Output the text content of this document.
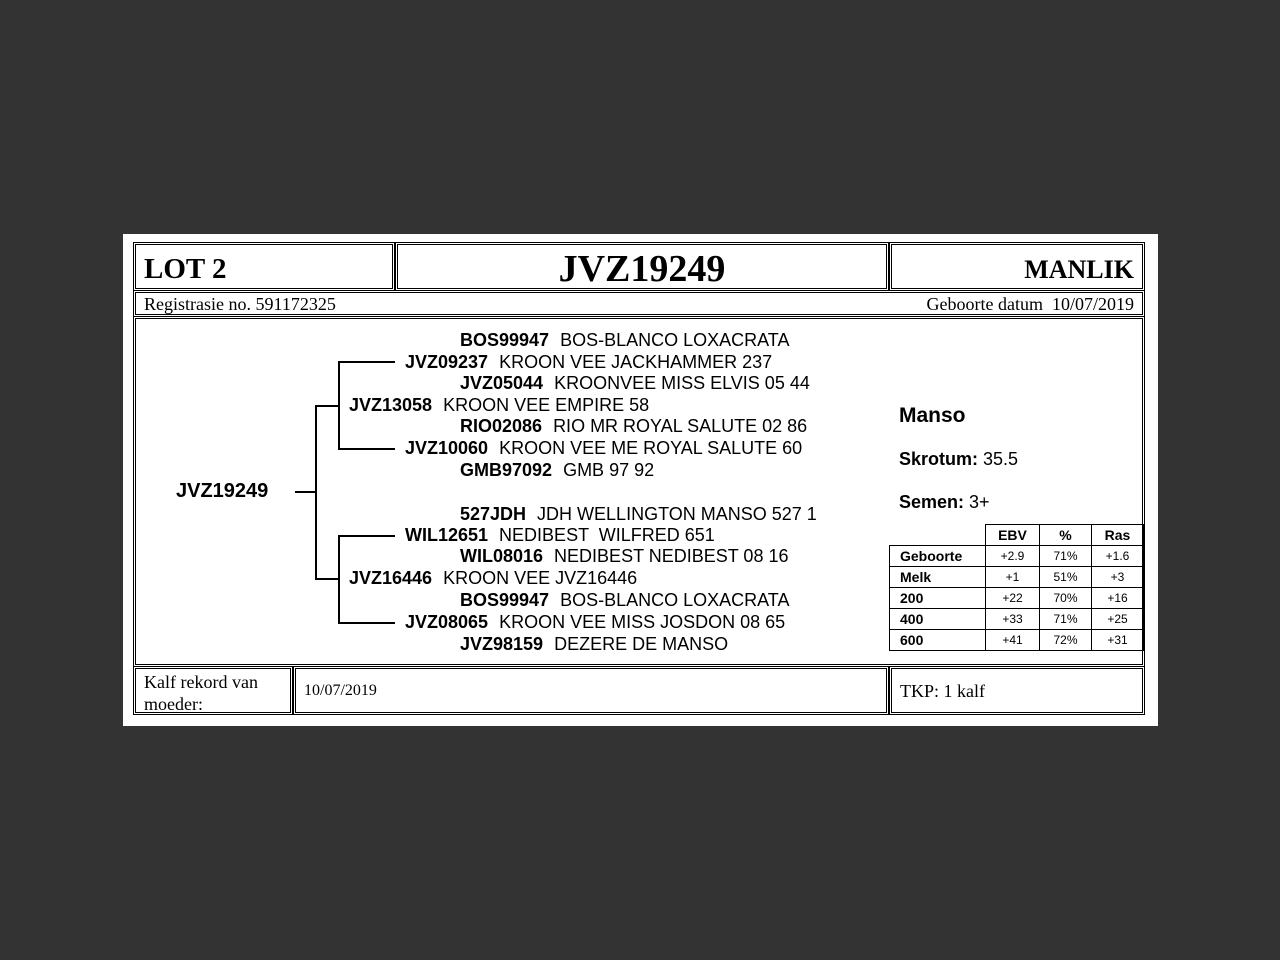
LOT 2	JVZ19249	MANLIK
Registrasie no. 591172325	Geboorte datum 10/07/2019
JVZ19249
BOS99947 BOS-BLANCO LOXACRATA
JVZ09237 KROON VEE JACKHAMMER 237
JVZ05044 KROONVEE MISS ELVIS 05 44
JVZ13058 KROON VEE EMPIRE 58
RIO02086 RIO MR ROYAL SALUTE 02 86
JVZ10060 KROON VEE ME ROYAL SALUTE 60
GMB97092 GMB 97 92
527JDH JDH WELLINGTON MANSO 527 1
WIL12651 NEDIBEST  WILFRED 651
WIL08016 NEDIBEST NEDIBEST 08 16
JVZ16446 KROON VEE JVZ16446
BOS99947 BOS-BLANCO LOXACRATA
JVZ08065 KROON VEE MISS JOSDON 08 65
JVZ98159 DEZERE DE MANSO
Manso
Skrotum: 35.5
Semen: 3+
	EBV	%	Ras
Geboorte	+2.9	71%	+1.6
Melk	+1	51%	+3
200	+22	70%	+16
400	+33	71%	+25
600	+41	72%	+31
Kalf rekord van
moeder:
10/07/2019	TKP: 1 kalf
